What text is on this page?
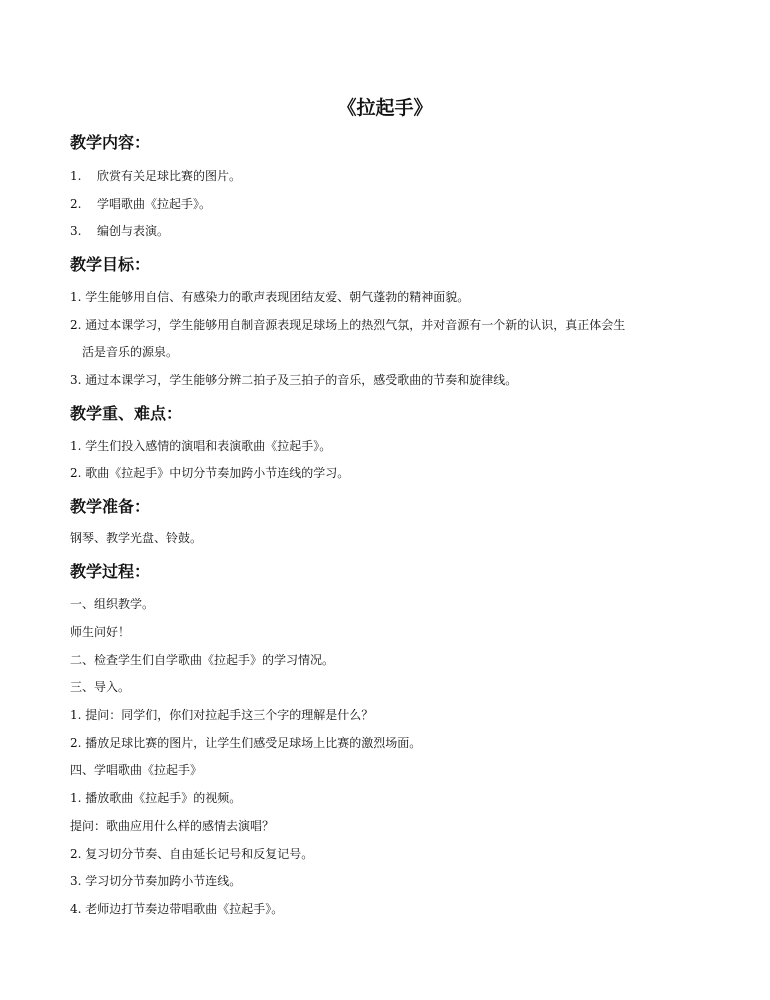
《拉起手》
教学内容：
1. 欣赏有关足球比赛的图片。
2. 学唱歌曲《拉起手》。
3. 编创与表演。
教学目标：
1. 学生能够用自信、有感染力的歌声表现团结友爱、朝气蓬勃的精神面貌。
2. 通过本课学习，学生能够用自制音源表现足球场上的热烈气氛，并对音源有一个新的认识，真正体会生
活是音乐的源泉。
3. 通过本课学习，学生能够分辨二拍子及三拍子的音乐，感受歌曲的节奏和旋律线。
教学重、难点：
1. 学生们投入感情的演唱和表演歌曲《拉起手》。
2. 歌曲《拉起手》中切分节奏加跨小节连线的学习。
教学准备：
钢琴、教学光盘、铃鼓。
教学过程：
一、组织教学。
师生问好！
二、检查学生们自学歌曲《拉起手》的学习情况。
三、导入。
1. 提问：同学们，你们对拉起手这三个字的理解是什么？
2. 播放足球比赛的图片，让学生们感受足球场上比赛的激烈场面。
四、学唱歌曲《拉起手》
1. 播放歌曲《拉起手》的视频。
提问：歌曲应用什么样的感情去演唱？
2. 复习切分节奏、自由延长记号和反复记号。
3. 学习切分节奏加跨小节连线。
4. 老师边打节奏边带唱歌曲《拉起手》。
